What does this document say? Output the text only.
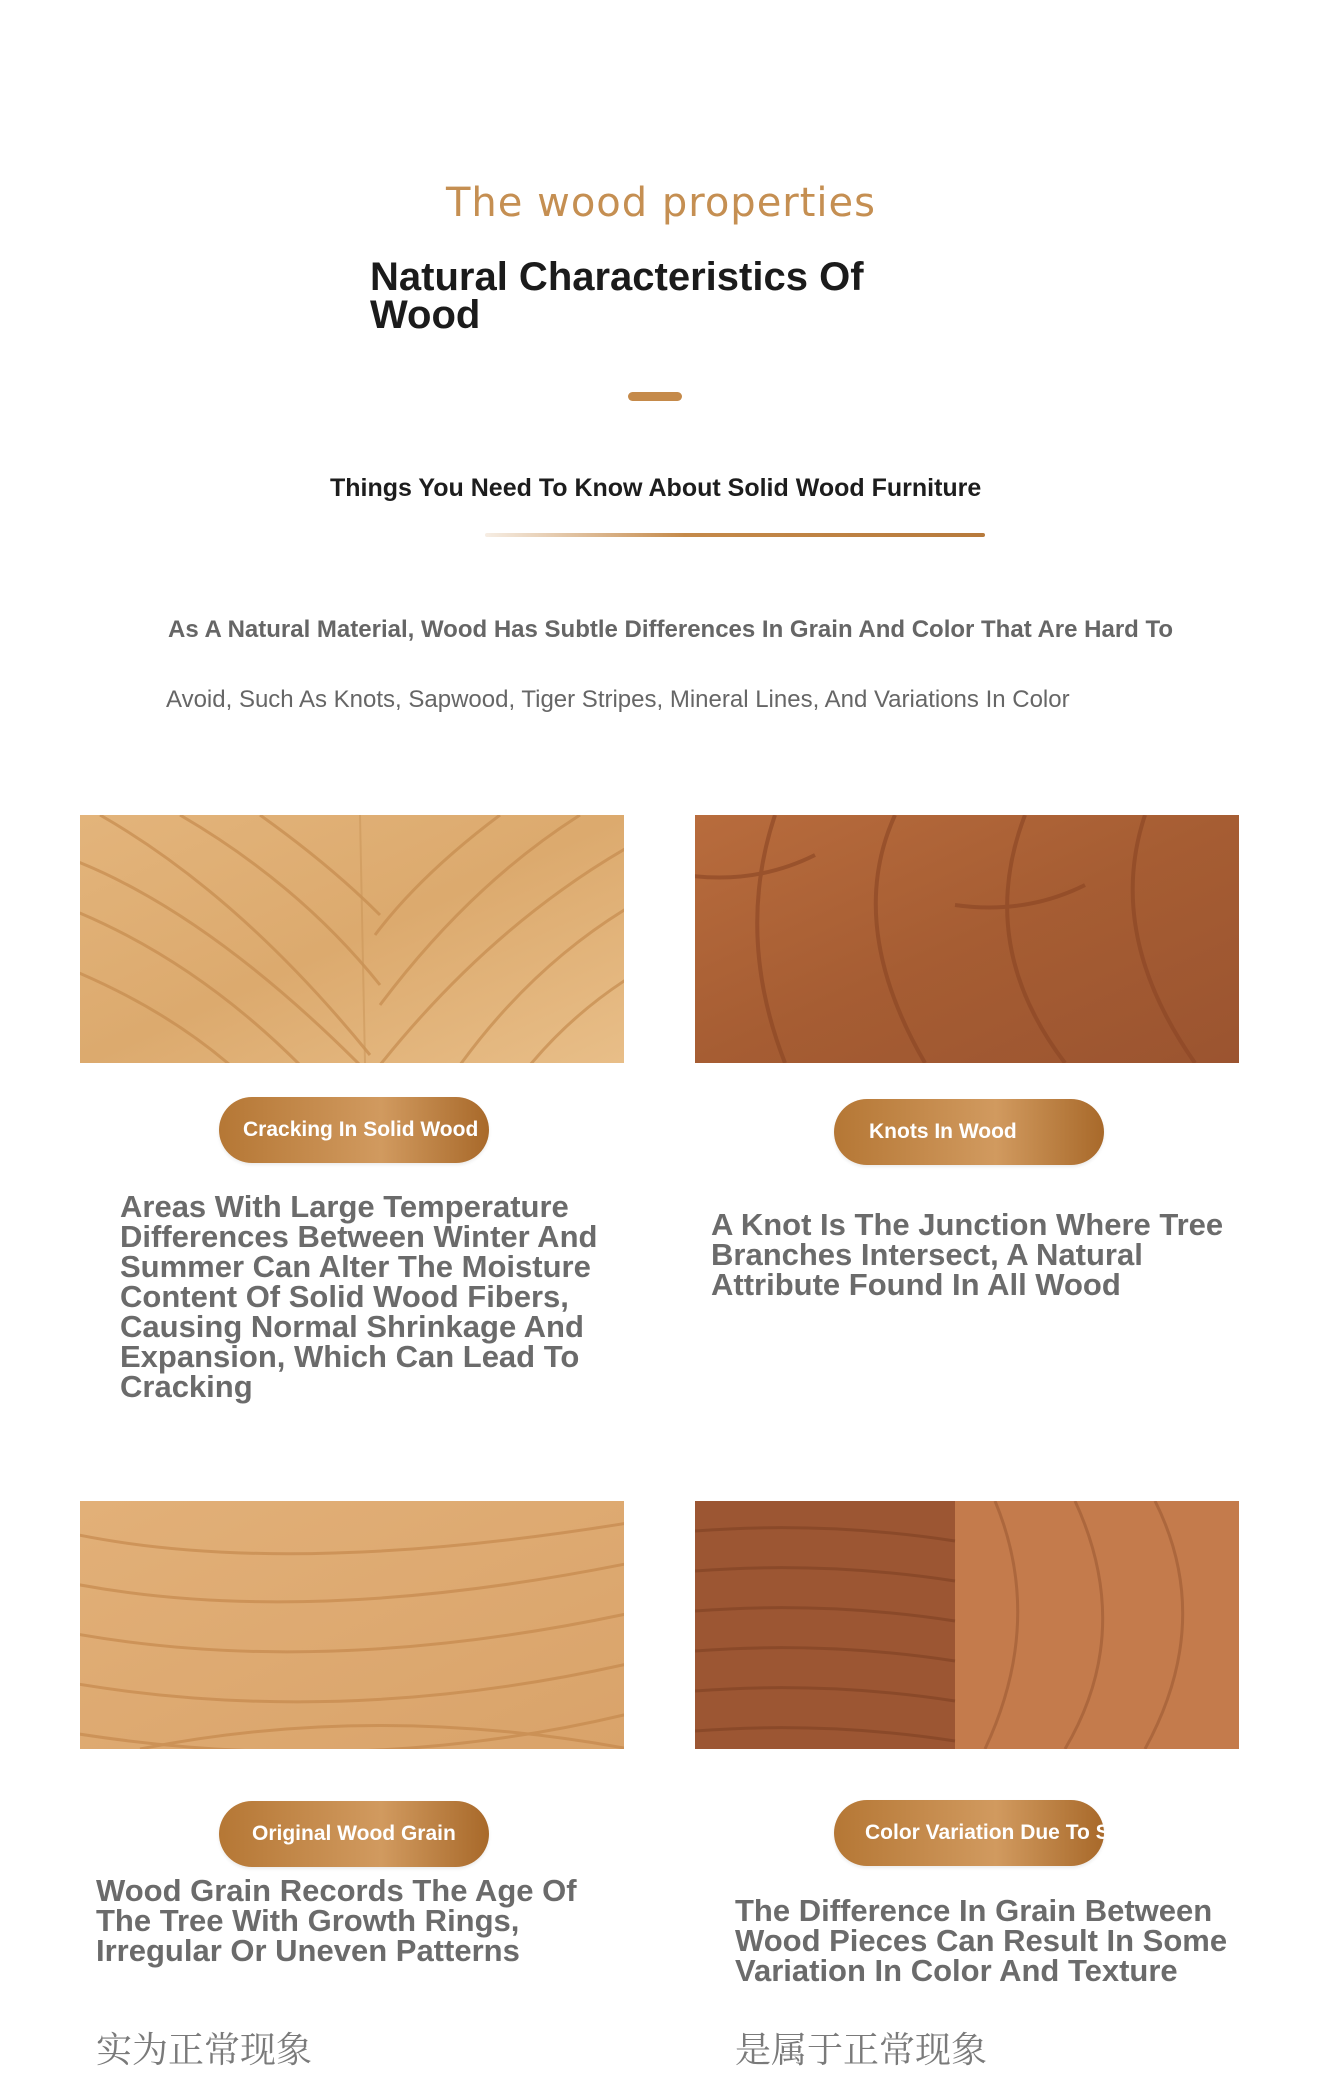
The wood properties
Natural Characteristics Of Wood
Things You Need To Know About Solid Wood Furniture
As A Natural Material, Wood Has Subtle Differences In Grain And Color That Are Hard To
Avoid, Such As Knots, Sapwood, Tiger Stripes, Mineral Lines, And Variations In Color
Cracking In Solid Wood
Areas With Large Temperature Differences Between Winter And Summer Can Alter The Moisture Content Of Solid Wood Fibers, Causing Normal Shrinkage And Expansion, Which Can Lead To Cracking
Knots In Wood
A Knot Is The Junction Where Tree Branches Intersect, A Natural Attribute Found In All Wood
Original Wood Grain
Wood Grain Records The Age Of The Tree With Growth Rings, Irregular Or Uneven Patterns
实为正常现象
Color Variation Due To Splicing
The Difference In Grain Between Wood Pieces Can Result In Some Variation In Color And Texture
是属于正常现象
